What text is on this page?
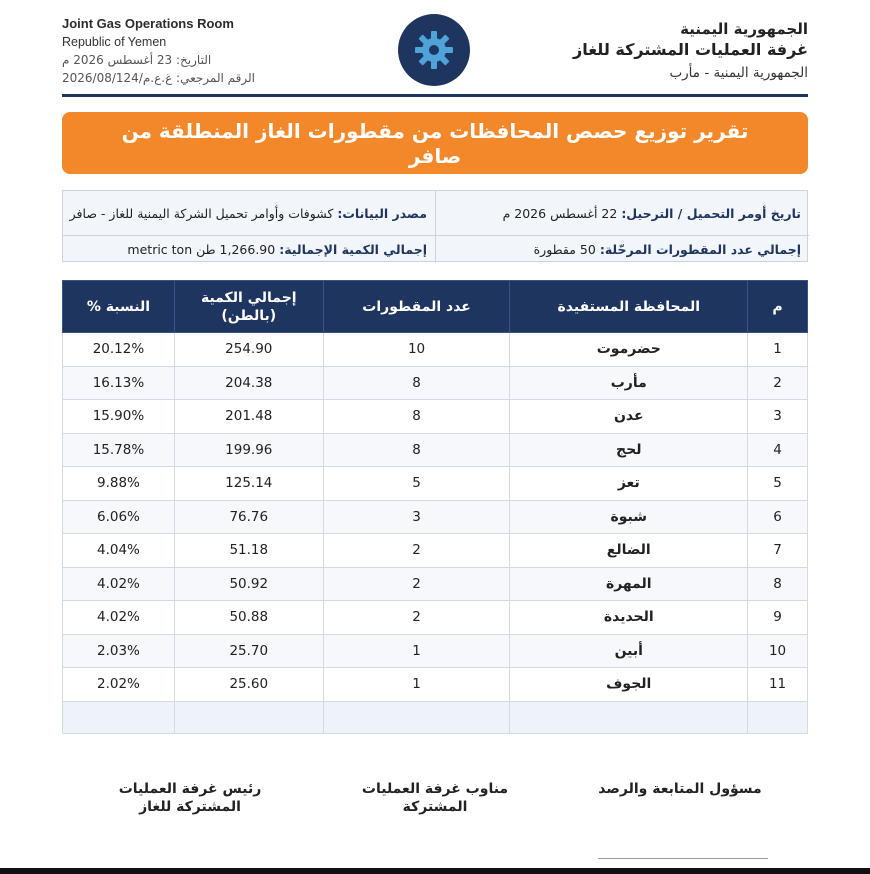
Joint Gas Operations Room
Republic of Yemen
التاريخ: 23 أغسطس 2026 م
الرقم المرجعي: غ.ع.م/2026/08/124
الجمهورية اليمنية
غرفة العمليات المشتركة للغاز
الجمهورية اليمنية - مأرب
تقرير توزيع حصص المحافظات من مقطورات الغاز المنطلقة من صافر
تاريخ أومر التحميل / الترحيل:
22 أغسطس 2026 م
مصدر البيانات:
كشوفات وأوامر تحميل الشركة اليمنية للغاز - صافر
إجمالي عدد المقطورات المرحّلة:
50 مقطورة
إجمالي الكمية الإجمالية:
1,266.90 طن metric ton
م	المحافظة المستفيدة	عدد المقطورات	إجمالي الكمية (بالطن)	النسبة %
1	حضرموت	10	254.90	20.12%
2	مأرب	8	204.38	16.13%
3	عدن	8	201.48	15.90%
4	لحج	8	199.96	15.78%
5	تعز	5	125.14	9.88%
6	شبوة	3	76.76	6.06%
7	الضالع	2	51.18	4.04%
8	المهرة	2	50.92	4.02%
9	الحديدة	2	50.88	4.02%
10	أبين	1	25.70	2.03%
11	الجوف	1	25.60	2.02%

مسؤول المتابعة والرصد
مناوب غرفة العمليات المشتركة
رئيس غرفة العمليات المشتركة للغاز
